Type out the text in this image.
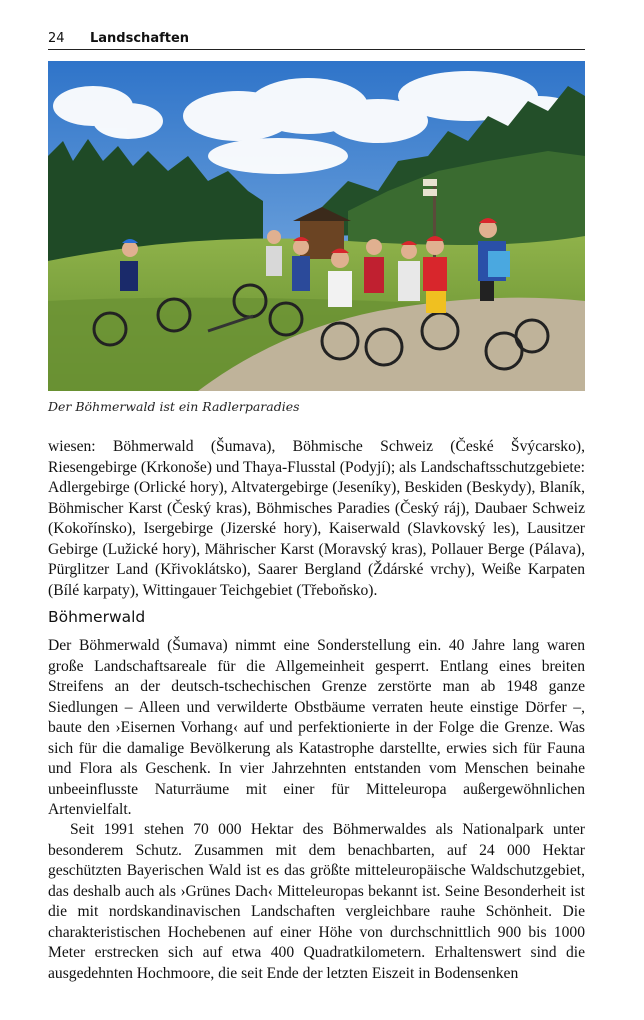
24 Landschaften
Der Böhmerwald ist ein Radlerparadies

wiesen: Böhmerwald (Šumava), Böhmische Schweiz (České Švýcarsko), Riesengebirge (Krkonoše) und Thaya-Flusstal (Podyjí); als Landschaftsschutzgebiete: Adlergebirge (Orlické hory), Altvatergebirge (Jeseníky), Beskiden (Beskydy), Blaník, Böhmischer Karst (Český kras), Böhmisches Paradies (Český ráj), Daubaer Schweiz (Kokořínsko), Isergebirge (Jizerské hory), Kaiserwald (Slavkovský les), Lausitzer Gebirge (Lužické hory), Mährischer Karst (Moravský kras), Pollauer Berge (Pálava), Pürglitzer Land (Křivoklátsko), Saarer Bergland (Ždárské vrchy), Weiße Karpaten (Bílé karpaty), Wittingauer Teichgebiet (Třeboňsko).

Böhmerwald

Der Böhmerwald (Šumava) nimmt eine Sonderstellung ein. 40 Jahre lang waren große Landschaftsareale für die Allgemeinheit gesperrt. Entlang eines breiten Streifens an der deutsch-tschechischen Grenze zerstörte man ab 1948 ganze Siedlungen – Alleen und verwilderte Obstbäume verraten heute einstige Dörfer –, baute den ›Eisernen Vorhang‹ auf und perfektionierte in der Folge die Grenze. Was sich für die damalige Bevölkerung als Katastrophe darstellte, erwies sich für Fauna und Flora als Geschenk. In vier Jahrzehnten entstanden vom Menschen beinahe unbeeinflusste Naturräume mit einer für Mitteleuropa außergewöhnlichen Artenvielfalt.

Seit 1991 stehen 70 000 Hektar des Böhmerwaldes als Nationalpark unter besonderem Schutz. Zusammen mit dem benachbarten, auf 24 000 Hektar geschützten Bayerischen Wald ist es das größte mitteleuropäische Waldschutzgebiet, das deshalb auch als ›Grünes Dach‹ Mitteleuropas bekannt ist. Seine Besonderheit ist die mit nordskandinavischen Landschaften vergleichbare rauhe Schönheit. Die charakteristischen Hochebenen auf einer Höhe von durchschnittlich 900 bis 1000 Meter erstrecken sich auf etwa 400 Quadratkilometern. Erhaltenswert sind die ausgedehnten Hochmoore, die seit Ende der letzten Eiszeit in Bodensenken
